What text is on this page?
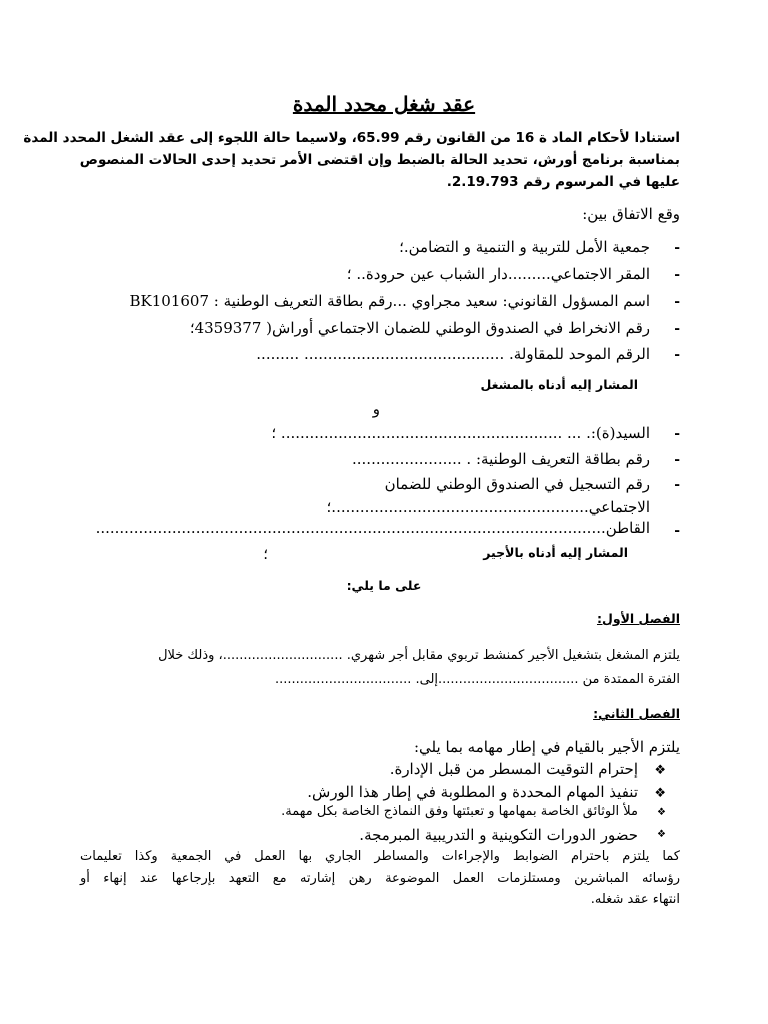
عقد شغل محدد المدة
استنادا لأحكام الماد ة 16 من القانون رقم 65.99، ولاسيما حالة اللجوء إلى عقد الشغل المحدد المدة
بمناسبة برنامج أورش، تحديد الحالة بالضبط وإن اقتضى الأمر تحديد إحدى الحالات المنصوص
عليها في المرسوم رقم 2.19.793.
وقع الاتفاق بين:
-
جمعية الأمل للتربية و التنمية و التضامن.؛
-
المقر الاجتماعي.........دار الشباب عين حرودة.. ؛
-
اسم المسؤول القانوني: سعيد مجراوي ...رقم بطاقة التعريف الوطنية : BK101607
-
رقم الانخراط في الصندوق الوطني للضمان الاجتماعي أوراش( 4359377؛
-
الرقم الموحد للمقاولة. .......................................... .........
المشار إليه أدناه بالمشغل
و
-
السيد(ة):. ... ........................................................... ؛
-
رقم بطاقة التعريف الوطنية: . .......................
-
رقم التسجيل في الصندوق الوطني للضمان
الاجتماعي......................................................؛
-
القاطن...........................................................................................................
المشار إليه أدناه بالأجير
؛
على ما يلي:
الفصل الأول:
يلتزم المشغل بتشغيل الأجير كمنشط تربوي مقابل أجر شهري. .............................، وذلك خلال
الفترة الممتدة من ..................................إلى. .................................
الفصل الثاني:
يلتزم الأجير بالقيام في إطار مهامه بما يلي:
❖
إحترام التوقيت المسطر من قبل الإدارة.
❖
تنفيذ المهام المحددة و المطلوبة في إطار هذا الورش.
❖
ملأ الوثائق الخاصة بمهامها و تعبئتها وفق النماذج الخاصة بكل مهمة.
❖
حضور الدورات التكوينية و التدريبية المبرمجة.
كما يلتزم باحترام الضوابط والإجراءات والمساطر الجاري بها العمل في الجمعية وكذا تعليمات
رؤسائه المباشرين ومستلزمات العمل الموضوعة رهن إشارته مع التعهد بإرجاعها عند إنهاء أو
انتهاء عقد شغله.
